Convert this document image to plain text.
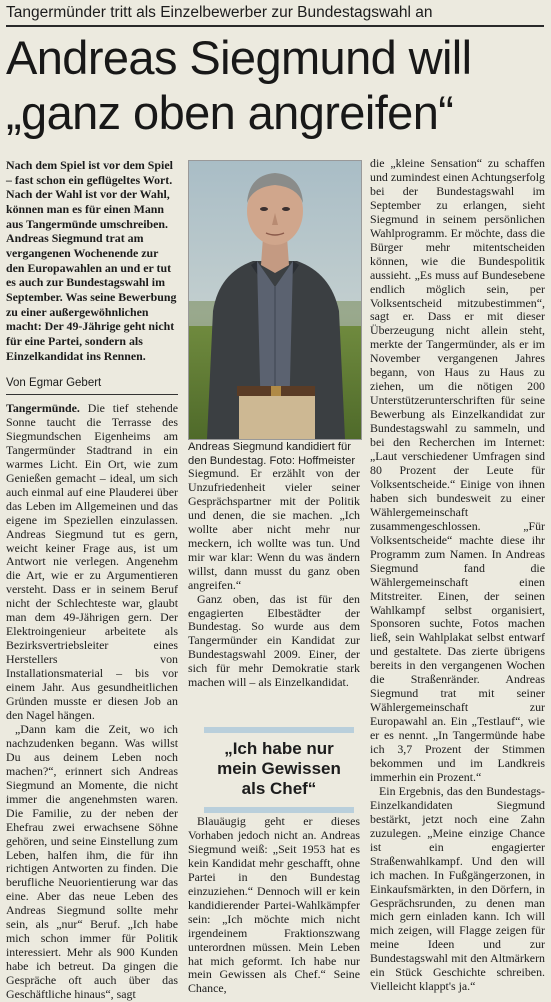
Tangermünder tritt als Einzelbewerber zur Bundestagswahl an
Andreas Siegmund will
„ganz oben angreifen“
Nach dem Spiel ist vor dem Spiel – fast schon ein geflügeltes Wort. Nach der Wahl ist vor der Wahl, können man es für einen Mann aus Tangermünde umschreiben. Andreas Siegmund trat am vergangenen Wochenende zur den Europawahlen an und er tut es auch zur Bundestagswahl im September. Was seine Bewerbung zu einer außergewöhnlichen macht: Der 49-Jährige geht nicht für eine Partei, sondern als Einzelkandidat ins Rennen.
Von Egmar Gebert

Tangermünde. Die tief stehende Sonne taucht die Terrasse des Siegmundschen Eigenheims am Tangermünder Stadtrand in ein warmes Licht. Ein Ort, wie zum Genießen gemacht – ideal, um sich auch einmal auf eine Plauderei über das Leben im Allgemeinen und das eigene im Speziellen einzulassen. Andreas Siegmund tut es gern, weicht keiner Frage aus, ist um Antwort nie verlegen. Angenehm die Art, wie er zu Argumentieren versteht. Dass er in seinem Beruf nicht der Schlechteste war, glaubt man dem 49-Jährigen gern. Der Elektroingenieur arbeitete als Bezirksvertriebsleiter eines Herstellers von Installationsmaterial – bis vor einem Jahr. Aus gesundheitlichen Gründen musste er diesen Job an den Nagel hängen.

„Dann kam die Zeit, wo ich nachzudenken begann. Was willst Du aus deinem Leben noch machen?“, erinnert sich Andreas Siegmund an Momente, die nicht immer die angenehmsten waren. Die Familie, zu der neben der Ehefrau zwei erwachsene Söhne gehören, und seine Einstellung zum Leben, halfen ihm, die für ihn richtigen Antworten zu finden. Die berufliche Neuorientierung war das eine. Aber das neue Leben des Andreas Siegmund sollte mehr sein, als „nur“ Beruf. „Ich habe mich schon immer für Politik interessiert. Mehr als 900 Kunden habe ich betreut. Da gingen die Gespräche oft auch über das Geschäftliche hinaus“, sagt

Andreas Siegmund kandidiert für den Bundestag. Foto: Hoffmeister

Siegmund. Er erzählt von der Unzufriedenheit vieler seiner Gesprächspartner mit der Politik und denen, die sie machen. „Ich wollte aber nicht mehr nur meckern, ich wollte was tun. Und mir war klar: Wenn du was ändern willst, dann musst du ganz oben angreifen.“

Ganz oben, das ist für den engagierten Elbestädter der Bundestag. So wurde aus dem Tangermünder ein Kandidat zur Bundestagswahl 2009. Einer, der sich für mehr Demokratie stark machen will – als Einzelkandidat.

„Ich habe nur
mein Gewissen
als Chef“

Blauäugig geht er dieses Vorhaben jedoch nicht an. Andreas Siegmund weiß: „Seit 1953 hat es kein Kandidat mehr geschafft, ohne Partei in den Bundestag einzuziehen.“ Dennoch will er kein kandidierender Partei-Wahlkämpfer sein: „Ich möchte mich nicht irgendeinem Fraktionszwang unterordnen müssen. Mein Leben hat mich geformt. Ich habe nur mein Gewissen als Chef.“ Seine Chance,

die „kleine Sensation“ zu schaffen und zumindest einen Achtungserfolg bei der Bundestagswahl im September zu erlangen, sieht Siegmund in seinem persönlichen Wahlprogramm. Er möchte, dass die Bürger mehr mitentscheiden können, wie die Bundespolitik aussieht. „Es muss auf Bundesebene endlich möglich sein, per Volksentscheid mitzubestimmen“, sagt er. Dass er mit dieser Überzeugung nicht allein steht, merkte der Tangermünder, als er im November vergangenen Jahres begann, von Haus zu Haus zu ziehen, um die nötigen 200 Unterstützerunterschriften für seine Bewerbung als Einzelkandidat zur Bundestagswahl zu sammeln, und bei den Recherchen im Internet: „Laut verschiedener Umfragen sind 80 Prozent der Leute für Volksentscheide.“ Einige von ihnen haben sich bundesweit zu einer Wählergemeinschaft zusammengeschlossen. „Für Volksentscheide“ machte diese ihr Programm zum Namen. In Andreas Siegmund fand die Wählergemeinschaft einen Mitstreiter. Einen, der seinen Wahlkampf selbst organisiert, Sponsoren suchte, Fotos machen ließ, sein Wahlplakat selbst entwarf und gestaltete. Das zierte übrigens bereits in den vergangenen Wochen die Straßenränder. Andreas Siegmund trat mit seiner Wählergemeinschaft zur Europawahl an. Ein „Testlauf“, wie er es nennt. „In Tangermünde habe ich 3,7 Prozent der Stimmen bekommen und im Landkreis immerhin ein Prozent.“

Ein Ergebnis, das den Bundestags-Einzelkandidaten Siegmund bestärkt, jetzt noch eine Zahn zuzulegen. „Meine einzige Chance ist ein engagierter Straßenwahlkampf. Und den will ich machen. In Fußgängerzonen, in Einkaufsmärkten, in den Dörfern, in Gesprächsrunden, zu denen man mich gern einladen kann. Ich will mich zeigen, will Flagge zeigen für meine Ideen und zur Bundestagswahl mit den Altmärkern ein Stück Geschichte schreiben. Vielleicht klappt's ja.“
